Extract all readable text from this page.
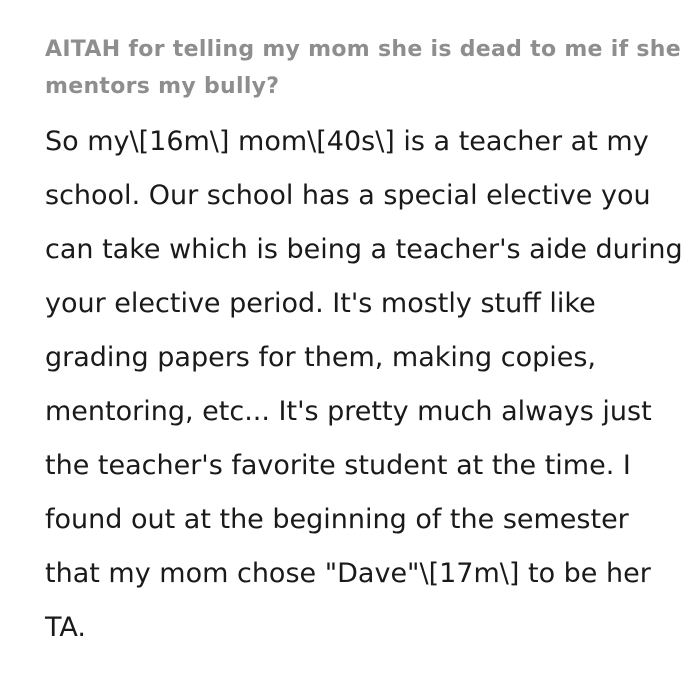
AITAH for telling my mom she is dead to me if she mentors my bully?

So my\[16m\] mom\[40s\] is a teacher at my school. Our school has a special elective you can take which is being a teacher's aide during your elective period. It's mostly stuff like grading papers for them, making copies, mentoring, etc... It's pretty much always just the teacher's favorite student at the time. I found out at the beginning of the semester that my mom chose "Dave"\[17m\] to be her TA.
